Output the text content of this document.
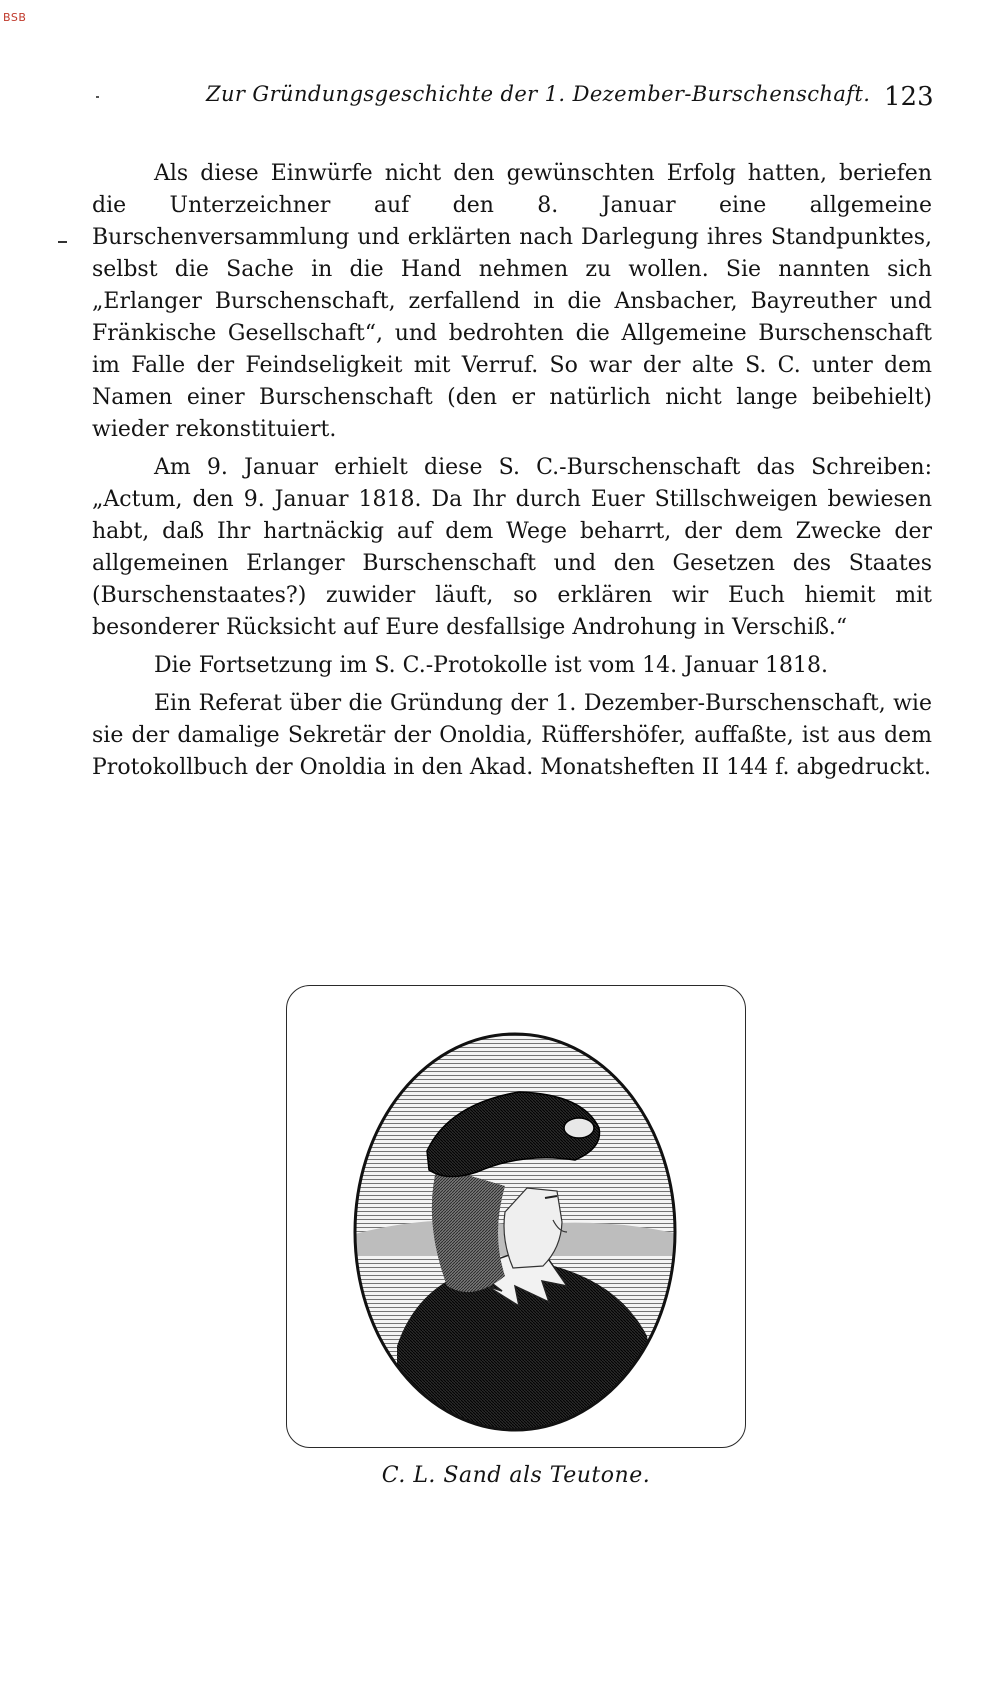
BSB
Zur Gründungsgeschichte der 1. Dezember-Burschenschaft. 123

Als diese Einwürfe nicht den gewünschten Erfolg hatten, beriefen die Unterzeichner auf den 8. Januar eine allgemeine Burschenversammlung und erklärten nach Darlegung ihres Standpunktes, selbst die Sache in die Hand nehmen zu wollen. Sie nannten sich „Erlanger Burschenschaft, zerfallend in die Ansbacher, Bayreuther und Fränkische Gesellschaft“, und bedrohten die Allgemeine Burschenschaft im Falle der Feindseligkeit mit Verruf. So war der alte S. C. unter dem Namen einer Burschenschaft (den er natürlich nicht lange beibehielt) wieder rekonstituiert.

Am 9. Januar erhielt diese S. C.-Burschenschaft das Schreiben: „Actum, den 9. Januar 1818. Da Ihr durch Euer Stillschweigen bewiesen habt, daß Ihr hartnäckig auf dem Wege beharrt, der dem Zwecke der allgemeinen Erlanger Burschenschaft und den Gesetzen des Staates (Burschenstaates?) zuwider läuft, so erklären wir Euch hiemit mit besonderer Rücksicht auf Eure desfallsige Androhung in Verschiß.“

Die Fortsetzung im S. C.-Protokolle ist vom 14. Januar 1818.

Ein Referat über die Gründung der 1. Dezember-Burschenschaft, wie sie der damalige Sekretär der Onoldia, Rüffershöfer, auffaßte, ist aus dem Protokollbuch der Onoldia in den Akad. Monatsheften II 144 f. abgedruckt.

C. L. Sand als Teutone.
